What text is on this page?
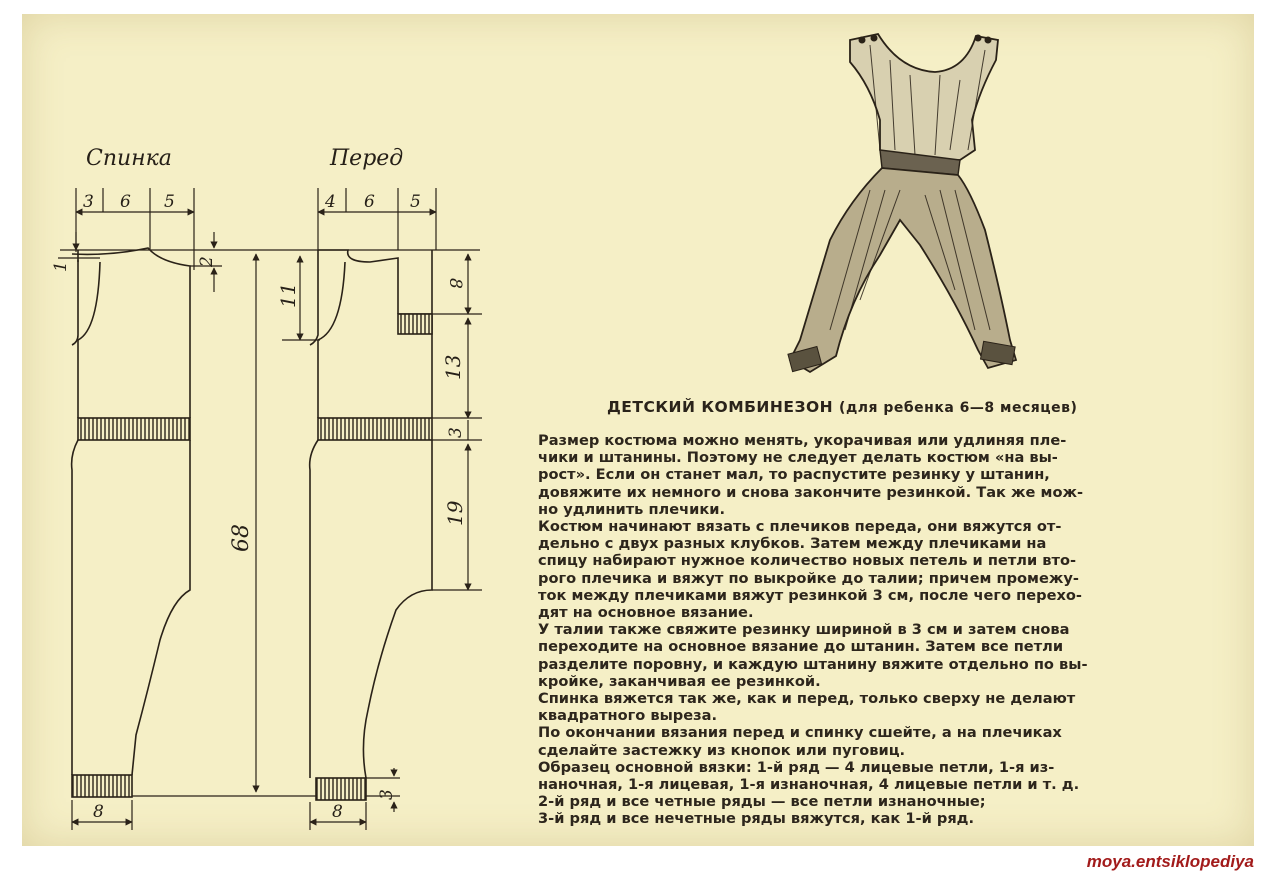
Спинка	Перед
3 6 5
1	2
8
4 6 5
11	8
13
3
19
68
8
3
ДЕТСКИЙ КОМБИНЕЗОН (для ребенка 6—8 месяцев)
Размер костюма можно менять, укорачивая или удлиняя пле-
чики и штанины. Поэтому не следует делать костюм «на вы-
рост». Если он станет мал, то распустите резинку у штанин,
довяжите их немного и снова закончите резинкой. Так же мож-
но удлинить плечики.
Костюм начинают вязать с плечиков переда, они вяжутся от-
дельно с двух разных клубков. Затем между плечиками на
спицу набирают нужное количество новых петель и петли вто-
рого плечика и вяжут по выкройке до талии; причем промежу-
ток между плечиками вяжут резинкой 3 см, после чего перехо-
дят на основное вязание.
У талии также свяжите резинку шириной в 3 см и затем снова
переходите на основное вязание до штанин. Затем все петли
разделите поровну, и каждую штанину вяжите отдельно по вы-
кройке, заканчивая ее резинкой.
Спинка вяжется так же, как и перед, только сверху не делают
квадратного выреза.
По окончании вязания перед и спинку сшейте, а на плечиках
сделайте застежку из кнопок или пуговиц.
Образец основной вязки: 1-й ряд — 4 лицевые петли, 1-я из-
наночная, 1-я лицевая, 1-я изнаночная, 4 лицевые петли и т. д.
2-й ряд и все четные ряды — все петли изнаночные;
3-й ряд и все нечетные ряды вяжутся, как 1-й ряд.
moya.entsiklopediya
